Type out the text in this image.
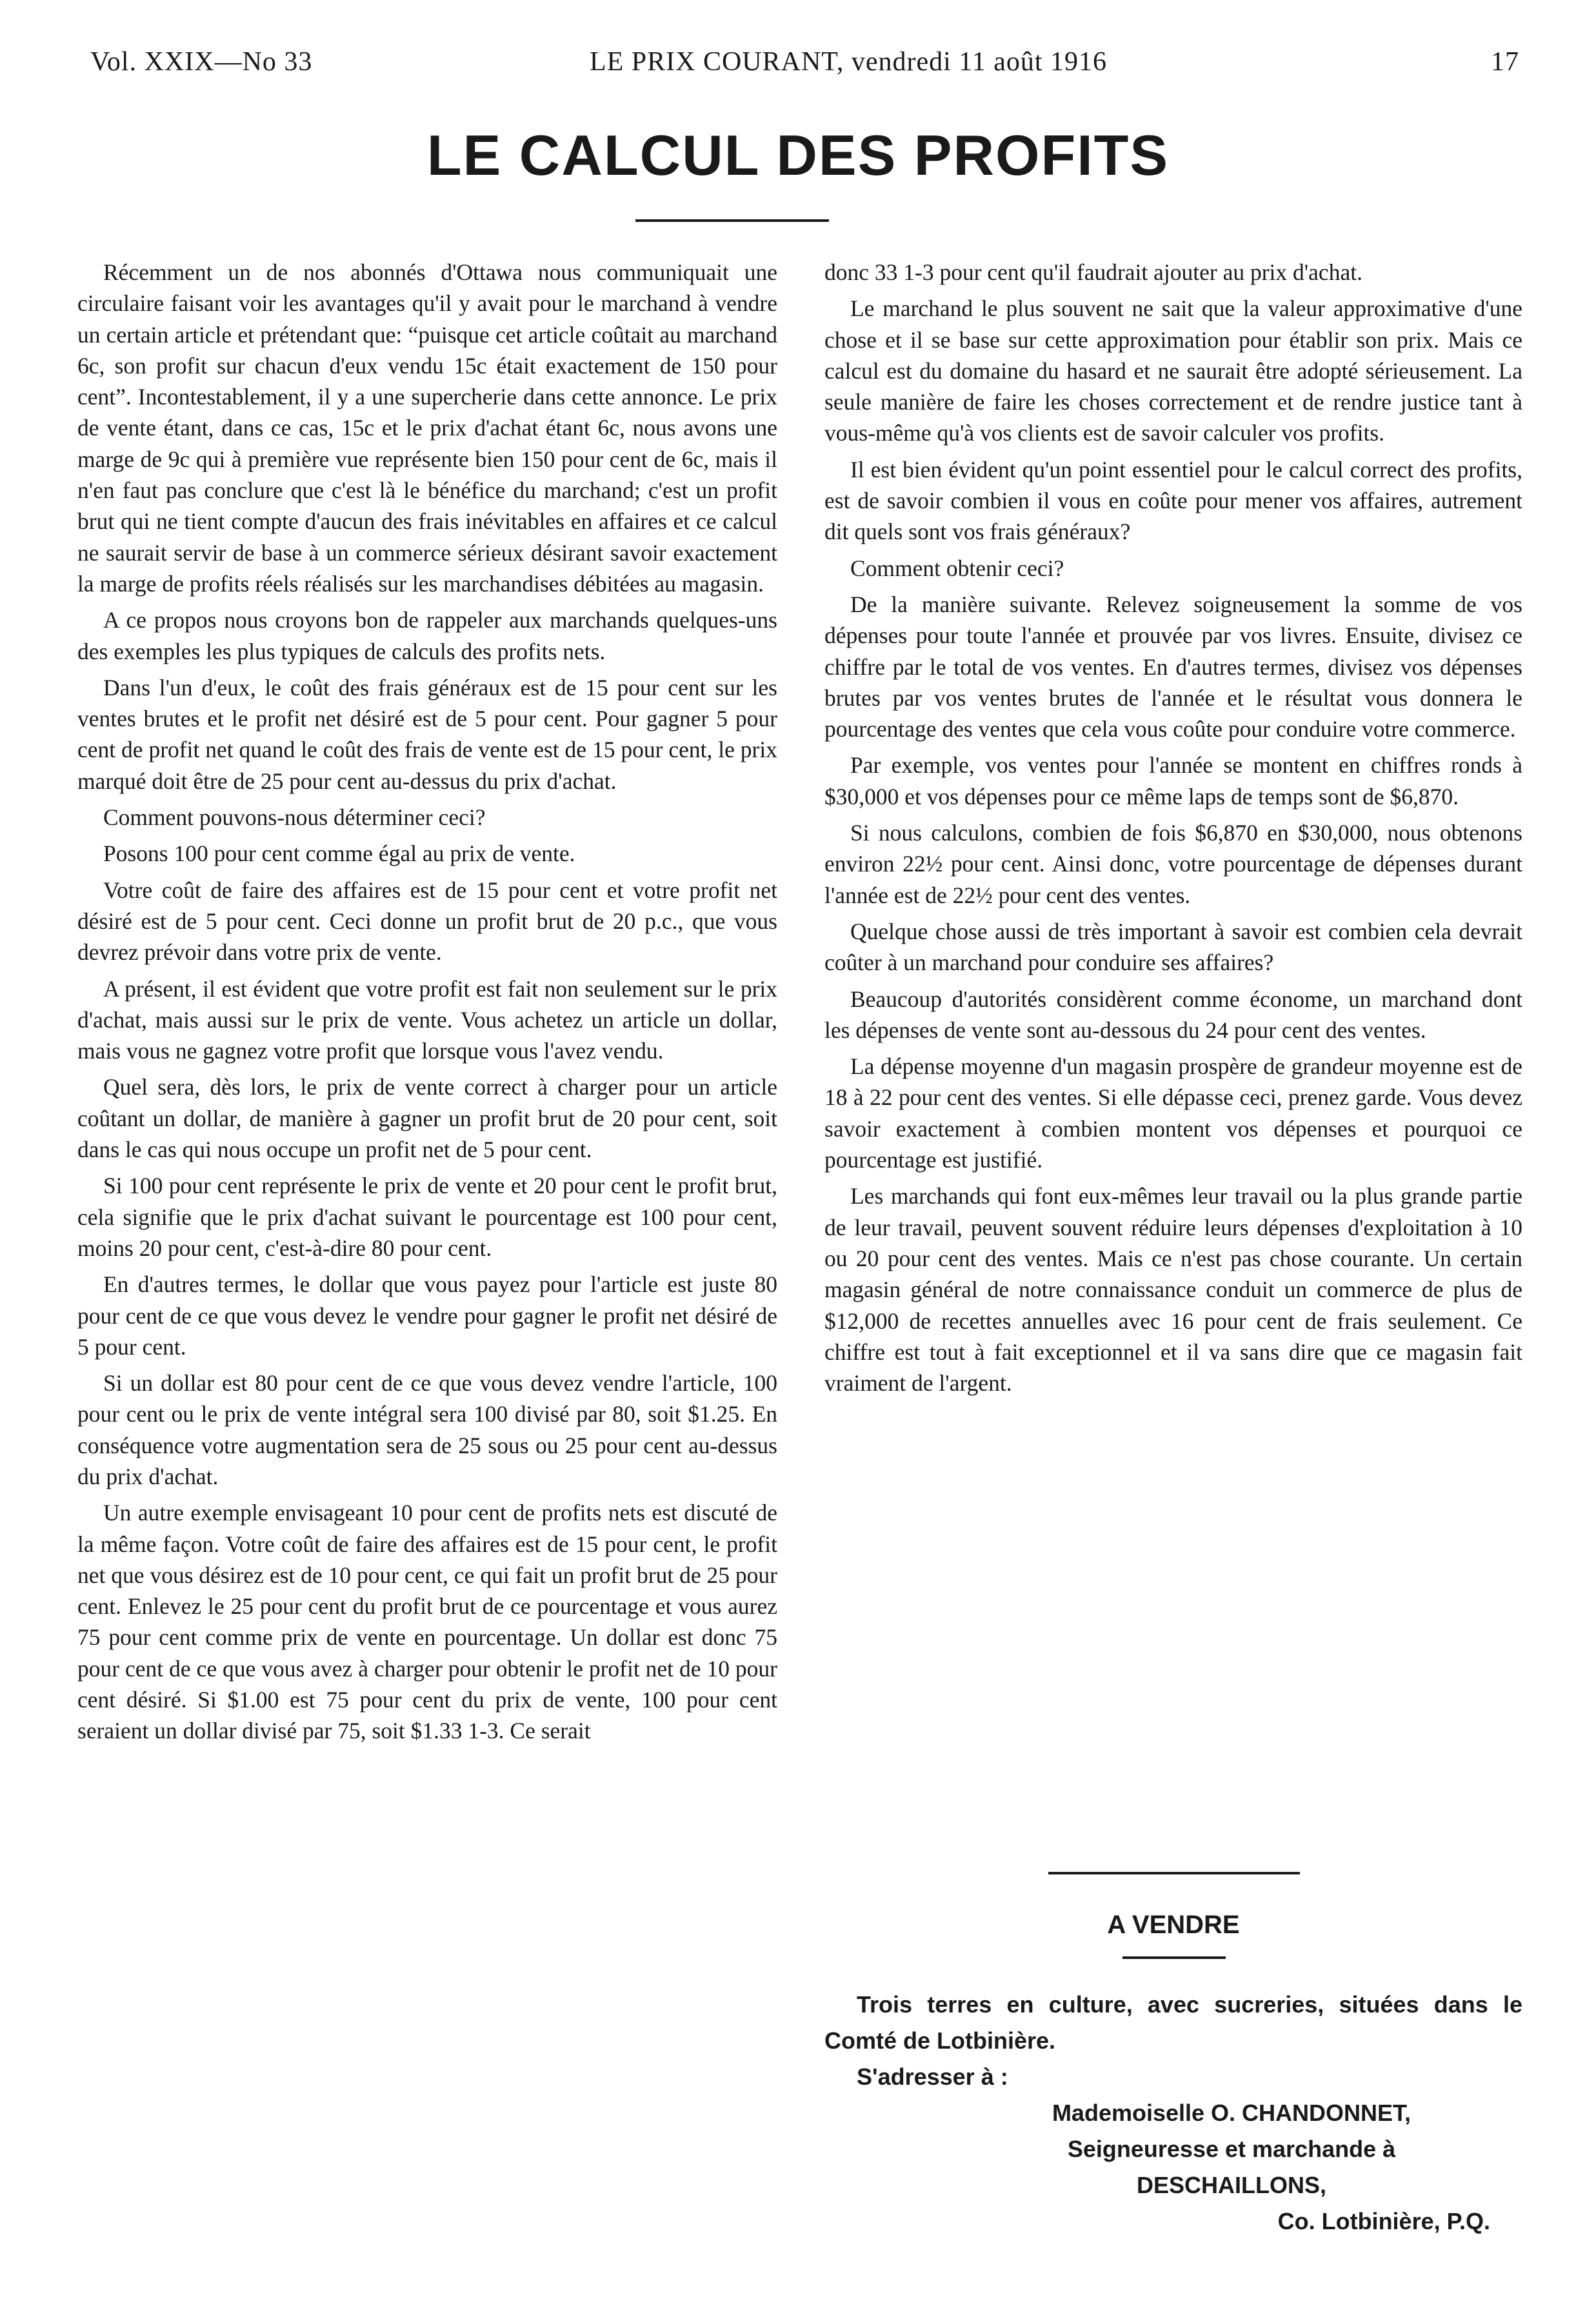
Vol. XXIX—No 33	LE PRIX COURANT, vendredi 11 août 1916	17
LE CALCUL DES PROFITS

Récemment un de nos abonnés d'Ottawa nous communiquait une circulaire faisant voir les avantages qu'il y avait pour le marchand à vendre un certain article et prétendant que: “puisque cet article coûtait au marchand 6c, son profit sur chacun d'eux vendu 15c était exactement de 150 pour cent”. Incontestablement, il y a une supercherie dans cette annonce. Le prix de vente étant, dans ce cas, 15c et le prix d'achat étant 6c, nous avons une marge de 9c qui à première vue représente bien 150 pour cent de 6c, mais il n'en faut pas conclure que c'est là le bénéfice du marchand; c'est un profit brut qui ne tient compte d'aucun des frais inévitables en affaires et ce calcul ne saurait servir de base à un commerce sérieux désirant savoir exactement la marge de profits réels réalisés sur les marchandises débitées au magasin.

A ce propos nous croyons bon de rappeler aux marchands quelques-uns des exemples les plus typiques de calculs des profits nets.

Dans l'un d'eux, le coût des frais généraux est de 15 pour cent sur les ventes brutes et le profit net désiré est de 5 pour cent. Pour gagner 5 pour cent de profit net quand le coût des frais de vente est de 15 pour cent, le prix marqué doit être de 25 pour cent au-dessus du prix d'achat.

Comment pouvons-nous déterminer ceci?

Posons 100 pour cent comme égal au prix de vente.

Votre coût de faire des affaires est de 15 pour cent et votre profit net désiré est de 5 pour cent. Ceci donne un profit brut de 20 p.c., que vous devrez prévoir dans votre prix de vente.

A présent, il est évident que votre profit est fait non seulement sur le prix d'achat, mais aussi sur le prix de vente. Vous achetez un article un dollar, mais vous ne gagnez votre profit que lorsque vous l'avez vendu.

Quel sera, dès lors, le prix de vente correct à charger pour un article coûtant un dollar, de manière à gagner un profit brut de 20 pour cent, soit dans le cas qui nous occupe un profit net de 5 pour cent.

Si 100 pour cent représente le prix de vente et 20 pour cent le profit brut, cela signifie que le prix d'achat suivant le pourcentage est 100 pour cent, moins 20 pour cent, c'est-à-dire 80 pour cent.

En d'autres termes, le dollar que vous payez pour l'article est juste 80 pour cent de ce que vous devez le vendre pour gagner le profit net désiré de 5 pour cent.

Si un dollar est 80 pour cent de ce que vous devez vendre l'article, 100 pour cent ou le prix de vente intégral sera 100 divisé par 80, soit $1.25. En conséquence votre augmentation sera de 25 sous ou 25 pour cent au-dessus du prix d'achat.

Un autre exemple envisageant 10 pour cent de profits nets est discuté de la même façon. Votre coût de faire des affaires est de 15 pour cent, le profit net que vous désirez est de 10 pour cent, ce qui fait un profit brut de 25 pour cent. Enlevez le 25 pour cent du profit brut de ce pourcentage et vous aurez 75 pour cent comme prix de vente en pourcentage. Un dollar est donc 75 pour cent de ce que vous avez à charger pour obtenir le profit net de 10 pour cent désiré. Si $1.00 est 75 pour cent du prix de vente, 100 pour cent seraient un dollar divisé par 75, soit $1.33 1-3. Ce serait

donc 33 1-3 pour cent qu'il faudrait ajouter au prix d'achat.

Le marchand le plus souvent ne sait que la valeur approximative d'une chose et il se base sur cette approximation pour établir son prix. Mais ce calcul est du domaine du hasard et ne saurait être adopté sérieusement. La seule manière de faire les choses correctement et de rendre justice tant à vous-même qu'à vos clients est de savoir calculer vos profits.

Il est bien évident qu'un point essentiel pour le calcul correct des profits, est de savoir combien il vous en coûte pour mener vos affaires, autrement dit quels sont vos frais généraux?

Comment obtenir ceci?

De la manière suivante. Relevez soigneusement la somme de vos dépenses pour toute l'année et prouvée par vos livres. Ensuite, divisez ce chiffre par le total de vos ventes. En d'autres termes, divisez vos dépenses brutes par vos ventes brutes de l'année et le résultat vous donnera le pourcentage des ventes que cela vous coûte pour conduire votre commerce.

Par exemple, vos ventes pour l'année se montent en chiffres ronds à $30,000 et vos dépenses pour ce même laps de temps sont de $6,870.

Si nous calculons, combien de fois $6,870 en $30,000, nous obtenons environ 22½ pour cent. Ainsi donc, votre pourcentage de dépenses durant l'année est de 22½ pour cent des ventes.

Quelque chose aussi de très important à savoir est combien cela devrait coûter à un marchand pour conduire ses affaires?

Beaucoup d'autorités considèrent comme économe, un marchand dont les dépenses de vente sont au-dessous du 24 pour cent des ventes.

La dépense moyenne d'un magasin prospère de grandeur moyenne est de 18 à 22 pour cent des ventes. Si elle dépasse ceci, prenez garde. Vous devez savoir exactement à combien montent vos dépenses et pourquoi ce pourcentage est justifié.

Les marchands qui font eux-mêmes leur travail ou la plus grande partie de leur travail, peuvent souvent réduire leurs dépenses d'exploitation à 10 ou 20 pour cent des ventes. Mais ce n'est pas chose courante. Un certain magasin général de notre connaissance conduit un commerce de plus de $12,000 de recettes annuelles avec 16 pour cent de frais seulement. Ce chiffre est tout à fait exceptionnel et il va sans dire que ce magasin fait vraiment de l'argent.

A VENDRE

Trois terres en culture, avec sucreries, situées dans le Comté de Lotbinière.

S'adresser à :

Mademoiselle O. CHANDONNET,

Seigneuresse et marchande à

DESCHAILLONS,

Co. Lotbinière, P.Q.
